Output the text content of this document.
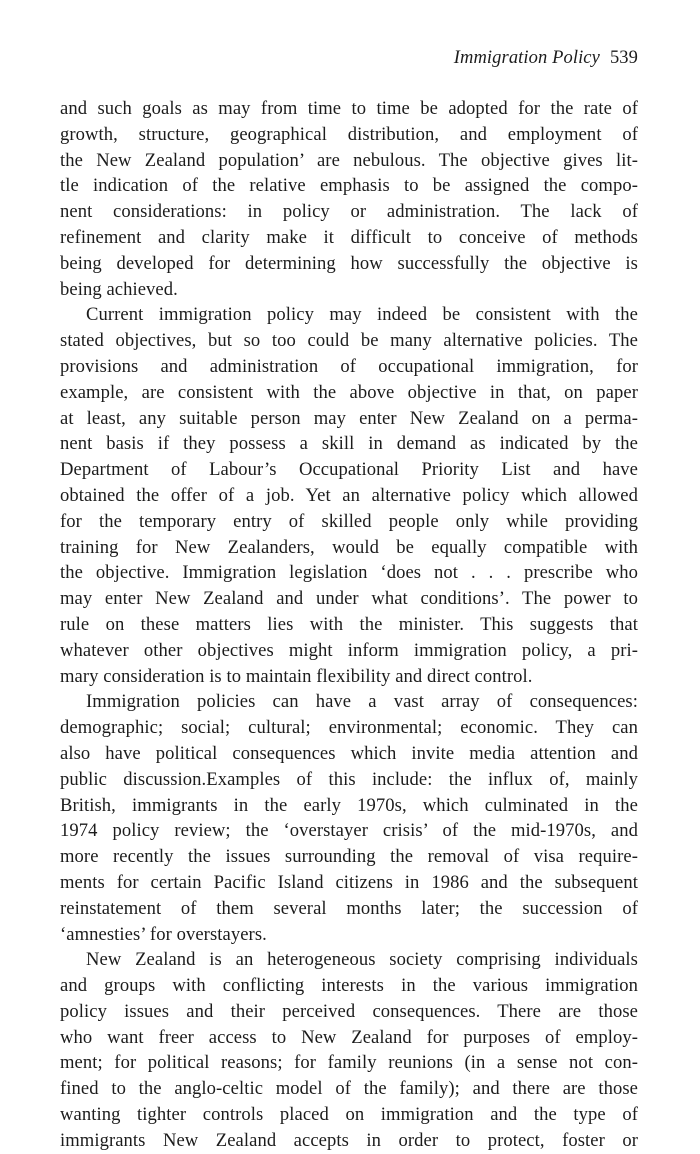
Immigration Policy 539
and such goals as may from time to time be adopted for the rate of
growth, structure, geographical distribution, and employment of
the New Zealand population’ are nebulous. The objective gives lit-
tle indication of the relative emphasis to be assigned the compo-
nent considerations: in policy or administration. The lack of
refinement and clarity make it difficult to conceive of methods
being developed for determining how successfully the objective is
being achieved.
Current immigration policy may indeed be consistent with the
stated objectives, but so too could be many alternative policies. The
provisions and administration of occupational immigration, for
example, are consistent with the above objective in that, on paper
at least, any suitable person may enter New Zealand on a perma-
nent basis if they possess a skill in demand as indicated by the
Department of Labour’s Occupational Priority List and have
obtained the offer of a job. Yet an alternative policy which allowed
for the temporary entry of skilled people only while providing
training for New Zealanders, would be equally compatible with
the objective. Immigration legislation ‘does not . . . prescribe who
may enter New Zealand and under what conditions’. The power to
rule on these matters lies with the minister. This suggests that
whatever other objectives might inform immigration policy, a pri-
mary consideration is to maintain flexibility and direct control.
Immigration policies can have a vast array of consequences:
demographic; social; cultural; environmental; economic. They can
also have political consequences which invite media attention and
public discussion.Examples of this include: the influx of, mainly
British, immigrants in the early 1970s, which culminated in the
1974 policy review; the ‘overstayer crisis’ of the mid-1970s, and
more recently the issues surrounding the removal of visa require-
ments for certain Pacific Island citizens in 1986 and the subsequent
reinstatement of them several months later; the succession of
‘amnesties’ for overstayers.
New Zealand is an heterogeneous society comprising individuals
and groups with conflicting interests in the various immigration
policy issues and their perceived consequences. There are those
who want freer access to New Zealand for purposes of employ-
ment; for political reasons; for family reunions (in a sense not con-
fined to the anglo-celtic model of the family); and there are those
wanting tighter controls placed on immigration and the type of
immigrants New Zealand accepts in order to protect, foster or
